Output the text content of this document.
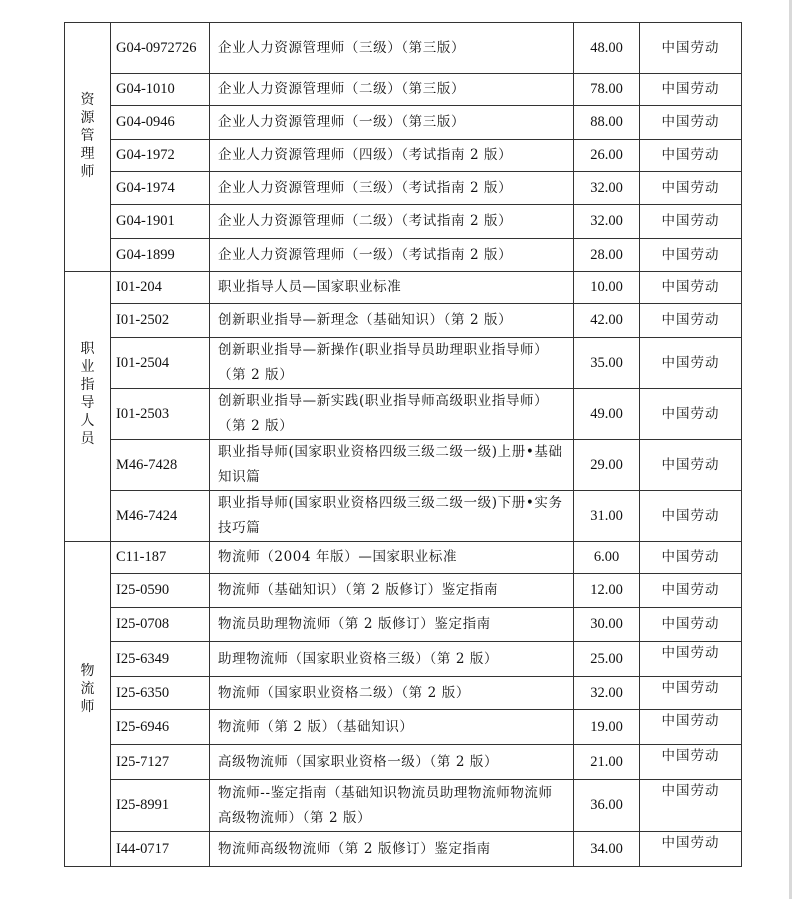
资源管理师	G04-0972726	企业人力资源管理师（三级）（第三版）	48.00	中国劳动
	G04-1010	企业人力资源管理师（二级）（第三版）	78.00	中国劳动
	G04-0946	企业人力资源管理师（一级）（第三版）	88.00	中国劳动
	G04-1972	企业人力资源管理师（四级）（考试指南 2 版）	26.00	中国劳动
	G04-1974	企业人力资源管理师（三级）（考试指南 2 版）	32.00	中国劳动
	G04-1901	企业人力资源管理师（二级）（考试指南 2 版）	32.00	中国劳动
	G04-1899	企业人力资源管理师（一级）（考试指南 2 版）	28.00	中国劳动
职业指导人员	I01-204	职业指导人员—国家职业标准	10.00	中国劳动
	I01-2502	创新职业指导—新理念（基础知识）（第 2 版）	42.00	中国劳动
	I01-2504	创新职业指导—新操作(职业指导员助理职业指导师）（第 2 版）	35.00	中国劳动
	I01-2503	创新职业指导—新实践(职业指导师高级职业指导师）（第 2 版）	49.00	中国劳动
	M46-7428	职业指导师(国家职业资格四级三级二级一级)上册•基础知识篇	29.00	中国劳动
	M46-7424	职业指导师(国家职业资格四级三级二级一级)下册•实务技巧篇	31.00	中国劳动
物流师	C11-187	物流师（2004 年版）—国家职业标准	6.00	中国劳动
	I25-0590	物流师（基础知识）（第 2 版修订）鉴定指南	12.00	中国劳动
	I25-0708	物流员助理物流师（第 2 版修订）鉴定指南	30.00	中国劳动
	I25-6349	助理物流师（国家职业资格三级）（第 2 版）	25.00	中国劳动
	I25-6350	物流师（国家职业资格二级）（第 2 版）	32.00	中国劳动
	I25-6946	物流师（第 2 版）（基础知识）	19.00	中国劳动
	I25-7127	高级物流师（国家职业资格一级）（第 2 版）	21.00	中国劳动
	I25-8991	物流师--鉴定指南（基础知识物流员助理物流师物流师高级物流师）（第 2 版）	36.00	中国劳动
	I44-0717	物流师高级物流师（第 2 版修订）鉴定指南	34.00	中国劳动
